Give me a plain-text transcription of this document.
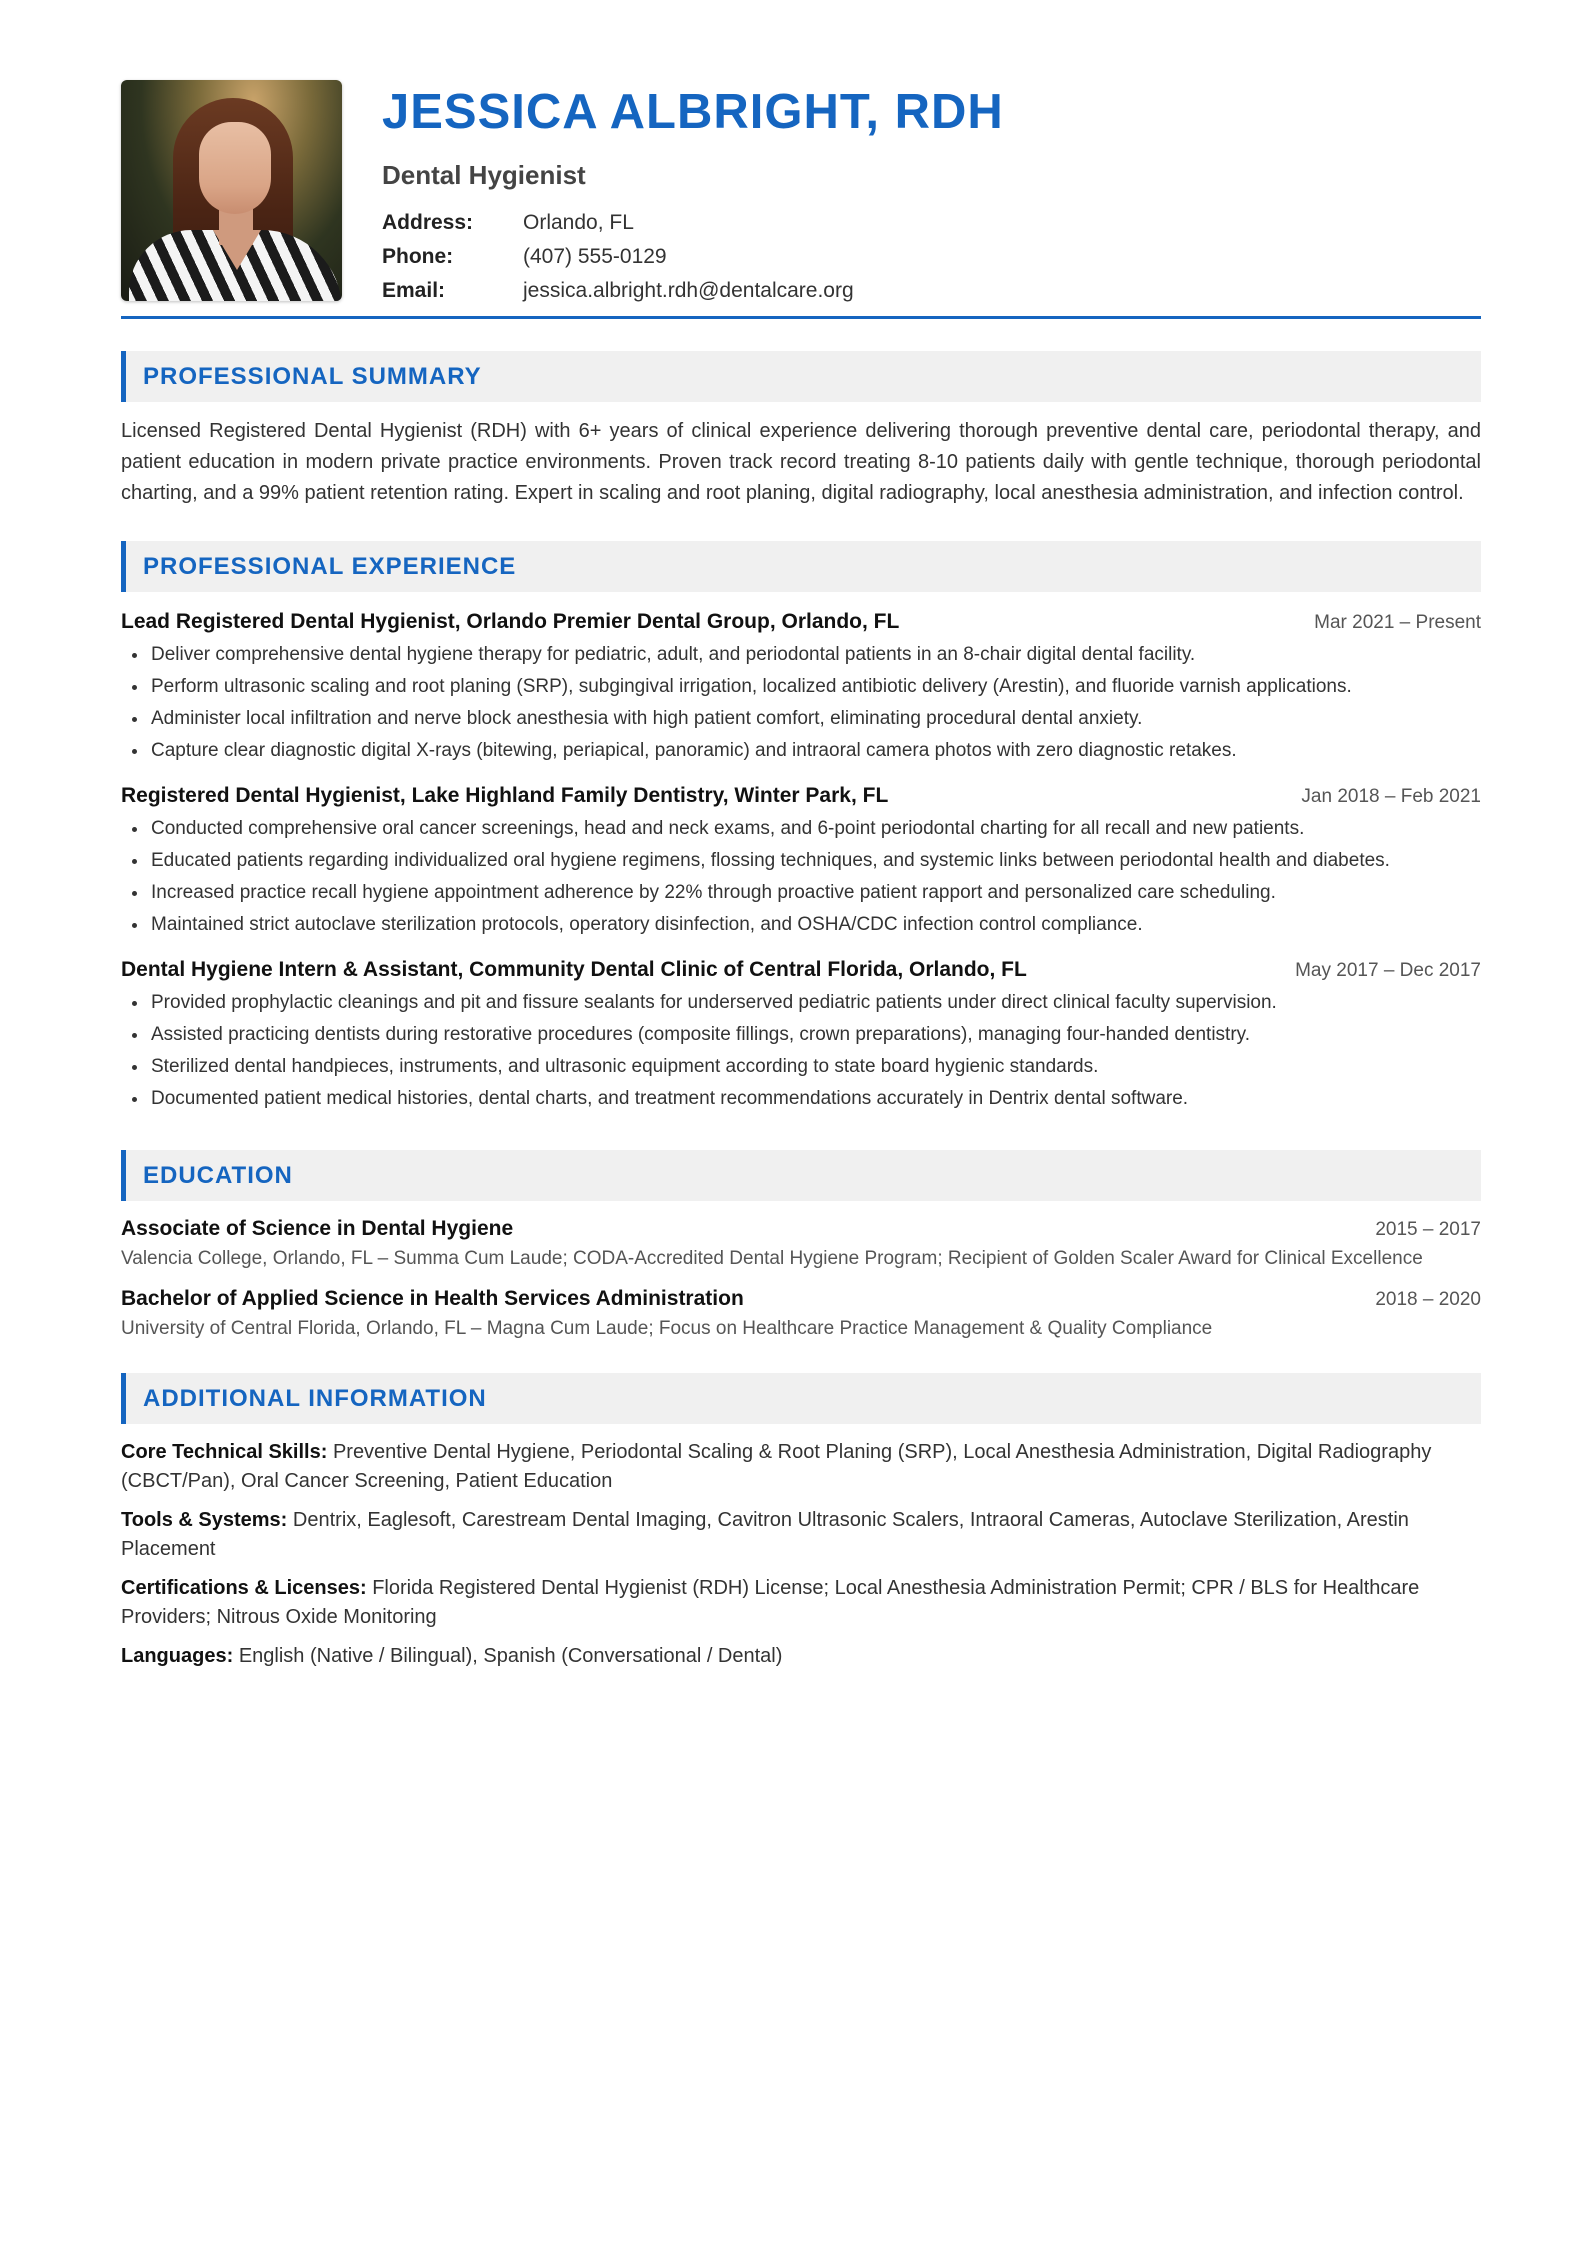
JESSICA ALBRIGHT, RDH
Dental Hygienist
Address:	Orlando, FL
Phone:	(407) 555-0129
Email:	jessica.albright.rdh@dentalcare.org
PROFESSIONAL SUMMARY
Licensed Registered Dental Hygienist (RDH) with 6+ years of clinical experience delivering thorough preventive dental care, periodontal therapy, and patient education in modern private practice environments. Proven track record treating 8-10 patients daily with gentle technique, thorough periodontal charting, and a 99% patient retention rating. Expert in scaling and root planing, digital radiography, local anesthesia administration, and infection control.
PROFESSIONAL EXPERIENCE
Lead Registered Dental Hygienist, Orlando Premier Dental Group, Orlando, FL	Mar 2021 – Present
• Deliver comprehensive dental hygiene therapy for pediatric, adult, and periodontal patients in an 8-chair digital dental facility.
• Perform ultrasonic scaling and root planing (SRP), subgingival irrigation, localized antibiotic delivery (Arestin), and fluoride varnish applications.
• Administer local infiltration and nerve block anesthesia with high patient comfort, eliminating procedural dental anxiety.
• Capture clear diagnostic digital X-rays (bitewing, periapical, panoramic) and intraoral camera photos with zero diagnostic retakes.
Registered Dental Hygienist, Lake Highland Family Dentistry, Winter Park, FL	Jan 2018 – Feb 2021
• Conducted comprehensive oral cancer screenings, head and neck exams, and 6-point periodontal charting for all recall and new patients.
• Educated patients regarding individualized oral hygiene regimens, flossing techniques, and systemic links between periodontal health and diabetes.
• Increased practice recall hygiene appointment adherence by 22% through proactive patient rapport and personalized care scheduling.
• Maintained strict autoclave sterilization protocols, operatory disinfection, and OSHA/CDC infection control compliance.
Dental Hygiene Intern & Assistant, Community Dental Clinic of Central Florida, Orlando, FL	May 2017 – Dec 2017
• Provided prophylactic cleanings and pit and fissure sealants for underserved pediatric patients under direct clinical faculty supervision.
• Assisted practicing dentists during restorative procedures (composite fillings, crown preparations), managing four-handed dentistry.
• Sterilized dental handpieces, instruments, and ultrasonic equipment according to state board hygienic standards.
• Documented patient medical histories, dental charts, and treatment recommendations accurately in Dentrix dental software.
EDUCATION
Associate of Science in Dental Hygiene	2015 – 2017
Valencia College, Orlando, FL – Summa Cum Laude; CODA-Accredited Dental Hygiene Program; Recipient of Golden Scaler Award for Clinical Excellence
Bachelor of Applied Science in Health Services Administration	2018 – 2020
University of Central Florida, Orlando, FL – Magna Cum Laude; Focus on Healthcare Practice Management & Quality Compliance
ADDITIONAL INFORMATION
Core Technical Skills: Preventive Dental Hygiene, Periodontal Scaling & Root Planing (SRP), Local Anesthesia Administration, Digital Radiography (CBCT/Pan), Oral Cancer Screening, Patient Education
Tools & Systems: Dentrix, Eaglesoft, Carestream Dental Imaging, Cavitron Ultrasonic Scalers, Intraoral Cameras, Autoclave Sterilization, Arestin Placement
Certifications & Licenses: Florida Registered Dental Hygienist (RDH) License; Local Anesthesia Administration Permit; CPR / BLS for Healthcare Providers; Nitrous Oxide Monitoring
Languages: English (Native / Bilingual), Spanish (Conversational / Dental)
